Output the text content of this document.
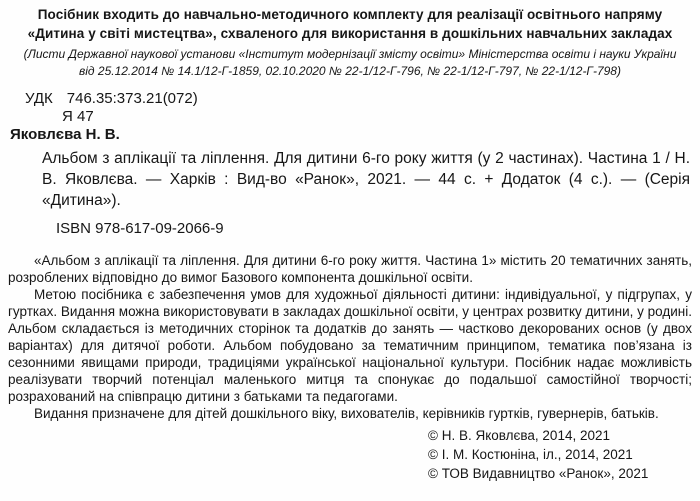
Посібник входить до навчально-методичного комплекту для реалізації освітнього напряму
«Дитина у світі мистецтва», схваленого для використання в дошкільних навчальних закладах
(Листи Державної наукової установи «Інститут модернізації змісту освіти» Міністерства освіти і науки України
від 25.12.2014 № 14.1/12-Г-1859, 02.10.2020 № 22-1/12-Г-796, № 22-1/12-Г-797, № 22-1/12-Г-798)
УДК 746.35:373.21(072)
Я 47
Яковлєва Н. В.

Альбом з аплікації та ліплення. Для дитини 6-го року життя (у 2 частинах). Частина 1 / Н. В. Яковлєва. — Харків : Вид-во «Ранок», 2021. — 44 с. + Додаток (4 с.). — (Серія «Дитина»).

ISBN 978-617-09-2066-9

«Альбом з аплікації та ліплення. Для дитини 6-го року життя. Частина 1» містить 20 тематичних занять, розроблених відповідно до вимог Базового компонента дошкільної освіти.

Метою посібника є забезпечення умов для художньої діяльності дитини: індивідуальної, у підгрупах, у гуртках. Видання можна використовувати в закладах дошкільної освіти, у центрах розвитку дитини, у родині. Альбом складається із методичних сторінок та додатків до занять — частково декорованих основ (у двох варіантах) для дитячої роботи. Альбом побудовано за тематичним принципом, тематика пов’язана із сезонними явищами природи, традиціями української національної культури. Посібник надає можливість реалізувати творчий потенціал маленького митця та спонукає до подальшої самостійної творчості; розрахований на співпрацю дитини з батьками та педагогами.

Видання призначене для дітей дошкільного віку, вихователів, керівників гуртків, гувернерів, батьків.

© Н. В. Яковлєва, 2014, 2021
© І. М. Костюніна, іл., 2014, 2021
© ТОВ Видавництво «Ранок», 2021
